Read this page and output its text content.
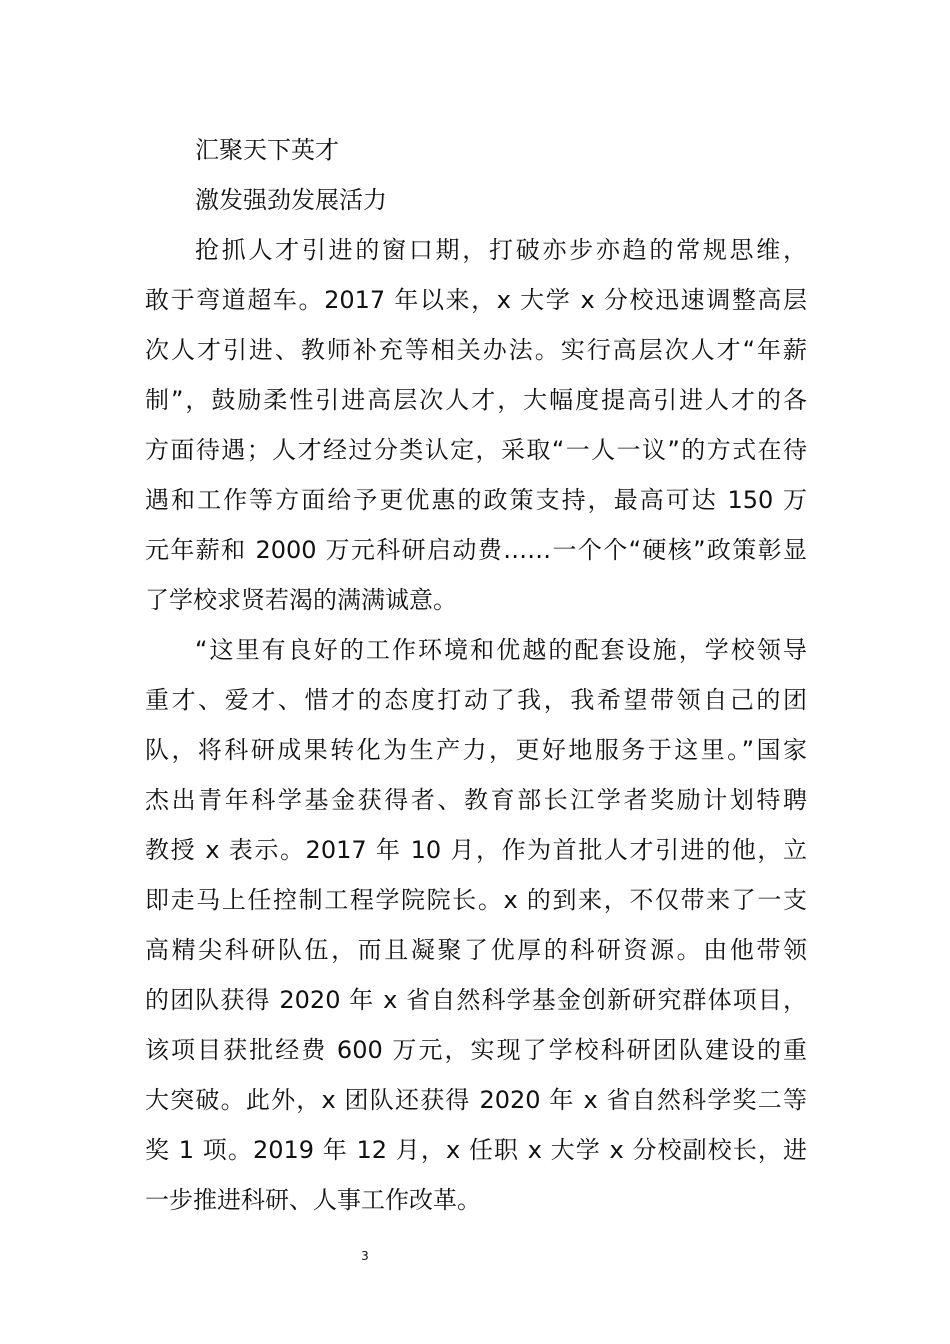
汇聚天下英才
激发强劲发展活力

抢抓人才引进的窗口期，打破亦步亦趋的常规思维，

敢于弯道超车。2017 年以来，x 大学 x 分校迅速调整高层

次人才引进、教师补充等相关办法。实行高层次人才“年薪

制”，鼓励柔性引进高层次人才，大幅度提高引进人才的各

方面待遇；人才经过分类认定，采取“一人一议”的方式在待

遇和工作等方面给予更优惠的政策支持，最高可达 150 万

元年薪和 2000 万元科研启动费……一个个“硬核”政策彰显

了学校求贤若渴的满满诚意。

“这里有良好的工作环境和优越的配套设施，学校领导

重才、爱才、惜才的态度打动了我，我希望带领自己的团

队，将科研成果转化为生产力，更好地服务于这里。”国家

杰出青年科学基金获得者、教育部长江学者奖励计划特聘

教授 x 表示。2017 年 10 月，作为首批人才引进的他，立

即走马上任控制工程学院院长。x 的到来，不仅带来了一支

高精尖科研队伍，而且凝聚了优厚的科研资源。由他带领

的团队获得 2020 年 x 省自然科学基金创新研究群体项目，

该项目获批经费 600 万元，实现了学校科研团队建设的重

大突破。此外，x 团队还获得 2020 年 x 省自然科学奖二等

奖 1 项。2019 年 12 月，x 任职 x 大学 x 分校副校长，进

一步推进科研、人事工作改革。

3
